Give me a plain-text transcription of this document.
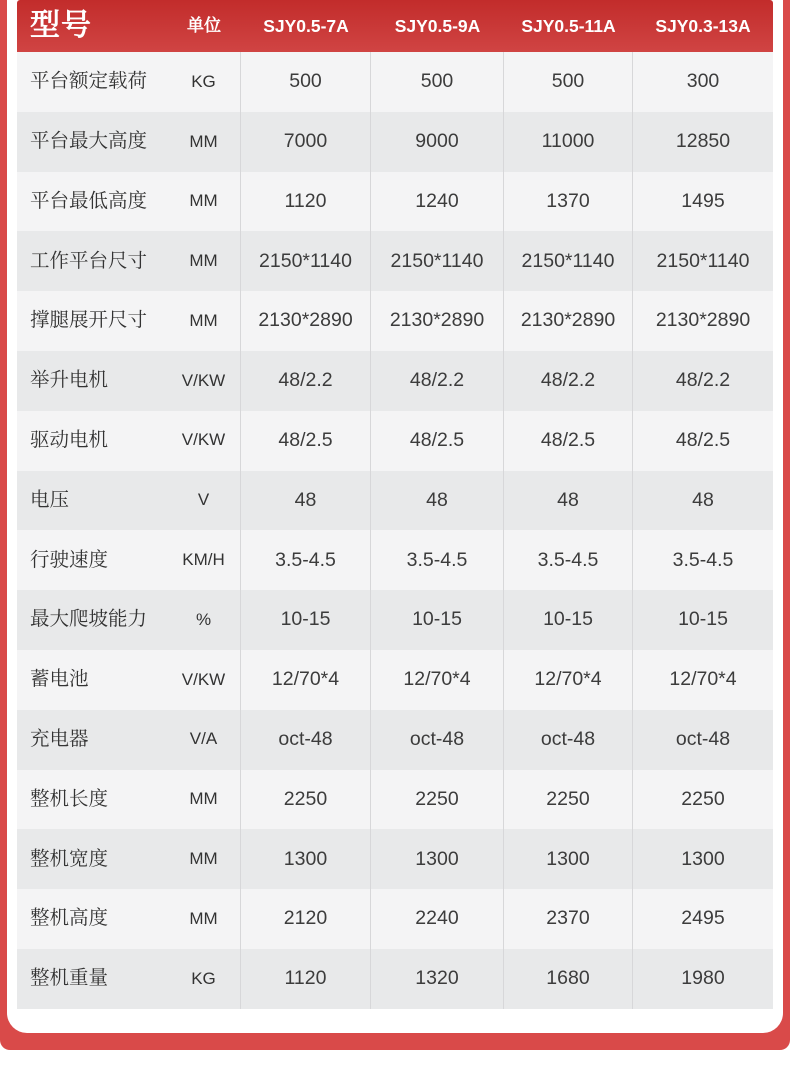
型号	单位	SJY0.5-7A	SJY0.5-9A	SJY0.5-11A	SJY0.3-13A
平台额定载荷	KG	500	500	500	300
平台最大高度	MM	7000	9000	11000	12850
平台最低高度	MM	1120	1240	1370	1495
工作平台尺寸	MM	2150*1140	2150*1140	2150*1140	2150*1140
撑腿展开尺寸	MM	2130*2890	2130*2890	2130*2890	2130*2890
举升电机	V/KW	48/2.2	48/2.2	48/2.2	48/2.2
驱动电机	V/KW	48/2.5	48/2.5	48/2.5	48/2.5
电压	V	48	48	48	48
行驶速度	KM/H	3.5-4.5	3.5-4.5	3.5-4.5	3.5-4.5
最大爬坡能力	%	10-15	10-15	10-15	10-15
蓄电池	V/KW	12/70*4	12/70*4	12/70*4	12/70*4
充电器	V/A	oct-48	oct-48	oct-48	oct-48
整机长度	MM	2250	2250	2250	2250
整机宽度	MM	1300	1300	1300	1300
整机高度	MM	2120	2240	2370	2495
整机重量	KG	1120	1320	1680	1980
